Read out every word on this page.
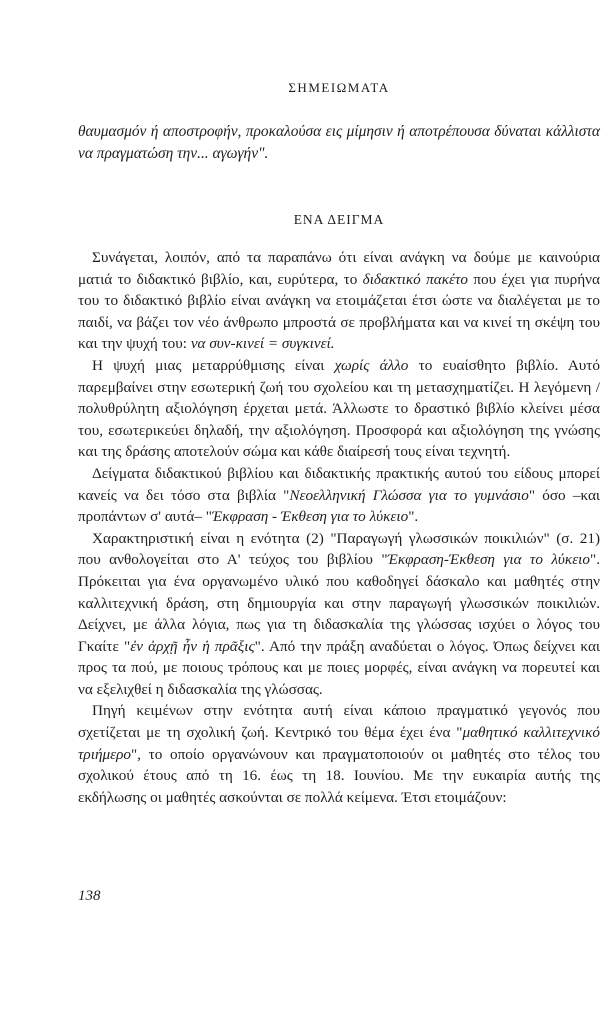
ΣΗΜΕΙΩΜΑΤΑ

θαυμασμόν ή αποστροφήν, προκαλούσα εις μίμησιν ή αποτρέπουσα δύναται κάλλιστα να πραγματώση την... αγωγήν".

ΕΝΑ ΔΕΙΓΜΑ

Συνάγεται, λοιπόν, από τα παραπάνω ότι είναι ανάγκη να δούμε με καινούρια ματιά το διδακτικό βιβλίο, και, ευρύτερα, το διδακτικό πακέτο που έχει για πυρήνα του το διδακτικό βιβλίο είναι ανάγκη να ετοιμάζεται έτσι ώστε να διαλέγεται με το παιδί, να βάζει τον νέο άνθρωπο μπροστά σε προβλήματα και να κινεί τη σκέψη του και την ψυχή του: να συν-κινεί = συγκινεί.

Η ψυχή μιας μεταρρύθμισης είναι χωρίς άλλο το ευαίσθητο βιβλίο. Αυτό παρεμβαίνει στην εσωτερική ζωή του σχολείου και τη μετασχηματίζει. Η λεγόμενη / πολυθρύλητη αξιολόγηση έρχεται μετά. Άλλωστε το δραστικό βιβλίο κλείνει μέσα του, εσωτερικεύει δηλαδή, την αξιολόγηση. Προσφορά και αξιολόγηση της γνώσης και της δράσης αποτελούν σώμα και κάθε διαίρεσή τους είναι τεχνητή.

Δείγματα διδακτικού βιβλίου και διδακτικής πρακτικής αυτού του είδους μπορεί κανείς να δει τόσο στα βιβλία "Νεοελληνική Γλώσσα για το γυμνάσιο" όσο –και προπάντων σ' αυτά– "Έκφραση - Έκθεση για το λύκειο".

Χαρακτηριστική είναι η ενότητα (2) "Παραγωγή γλωσσικών ποικιλιών" (σ. 21) που ανθολογείται στο Α' τεύχος του βιβλίου "Έκφραση-Έκθεση για το λύκειο". Πρόκειται για ένα οργανωμένο υλικό που καθοδηγεί δάσκαλο και μαθητές στην καλλιτεχνική δράση, στη δημιουργία και στην παραγωγή γλωσσικών ποικιλιών. Δείχνει, με άλλα λόγια, πως για τη διδασκαλία της γλώσσας ισχύει ο λόγος του Γκαίτε "ἐν ἀρχῇ ἦν ἡ πρᾶξις". Από την πράξη αναδύεται ο λόγος. Όπως δείχνει και προς τα πού, με ποιους τρόπους και με ποιες μορφές, είναι ανάγκη να πορευτεί και να εξελιχθεί η διδασκαλία της γλώσσας.

Πηγή κειμένων στην ενότητα αυτή είναι κάποιο πραγματικό γεγονός που σχετίζεται με τη σχολική ζωή. Κεντρικό του θέμα έχει ένα "μαθητικό καλλιτεχνικό τριήμερο", το οποίο οργανώνουν και πραγματοποιούν οι μαθητές στο τέλος του σχολικού έτους από τη 16. έως τη 18. Ιουνίου. Με την ευκαιρία αυτής της εκδήλωσης οι μαθητές ασκούνται σε πολλά κείμενα. Έτσι ετοιμάζουν:

138
